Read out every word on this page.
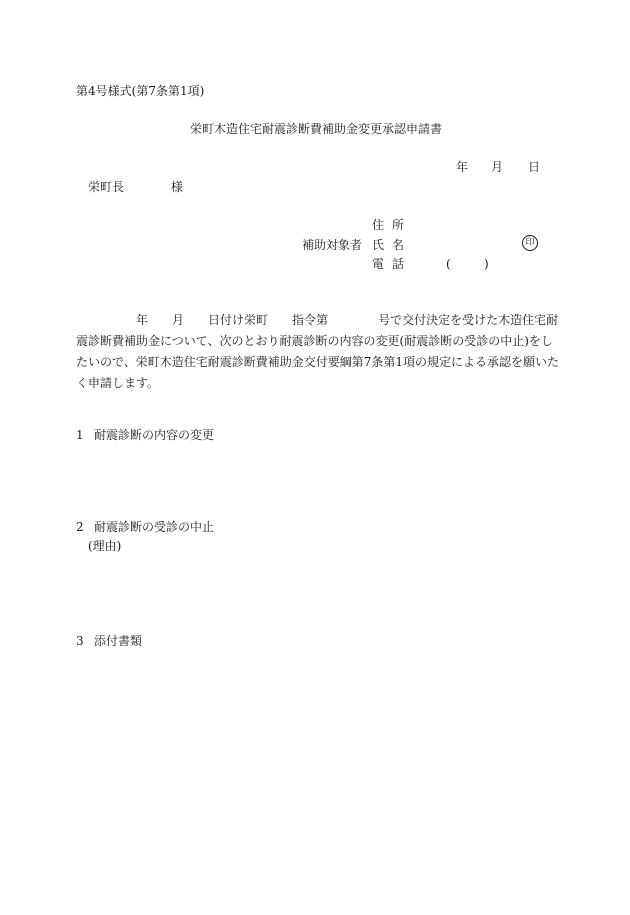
第4号様式(第7条第1項)
栄町木造住宅耐震診断費補助金変更承認申請書
年 月 日
栄町長	様
補助対象者
住所
氏名	印
電話	(	)
年 月 日付け栄町 指令第	号で交付決定を受けた木造住宅耐
震診断費補助金について、次のとおり耐震診断の内容の変更(耐震診断の受診の中止)をし
たいので、栄町木造住宅耐震診断費補助金交付要綱第7条第1項の規定による承認を願いた
く申請します。
1 耐震診断の内容の変更
2 耐震診断の受診の中止
(理由)
3 添付書類
